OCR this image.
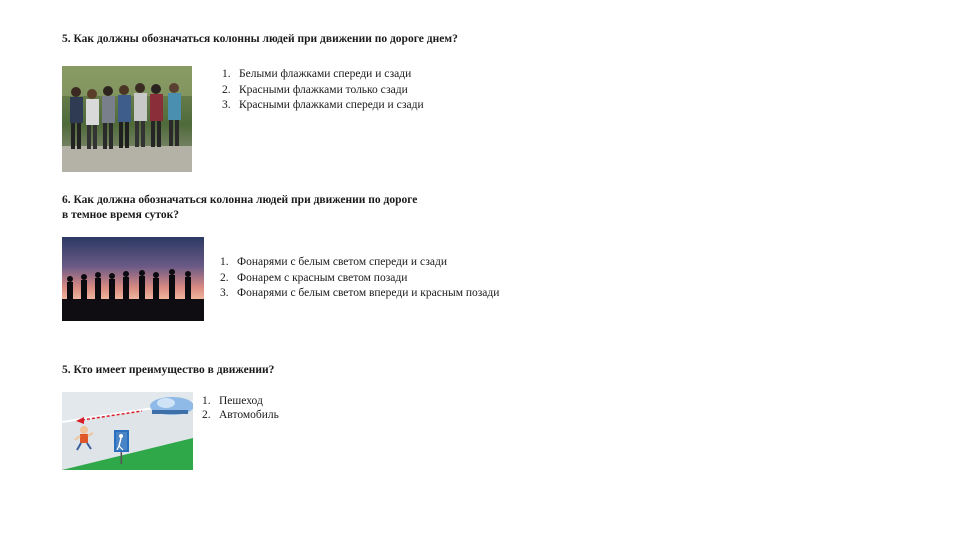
5. Как должны обозначаться колонны людей при движении по дороге днем?
1. Белыми флажками спереди и сзади
2. Красными флажками только сзади
3. Красными флажками спереди и сзади
6. Как должна обозначаться колонна людей при движении по дороге
в темное время суток?
1. Фонарями с белым светом спереди и сзади
2. Фонарем с красным светом позади
3. Фонарями с белым светом впереди и красным позади
5. Кто имеет преимущество в движении?
1. Пешеход
2. Автомобиль
